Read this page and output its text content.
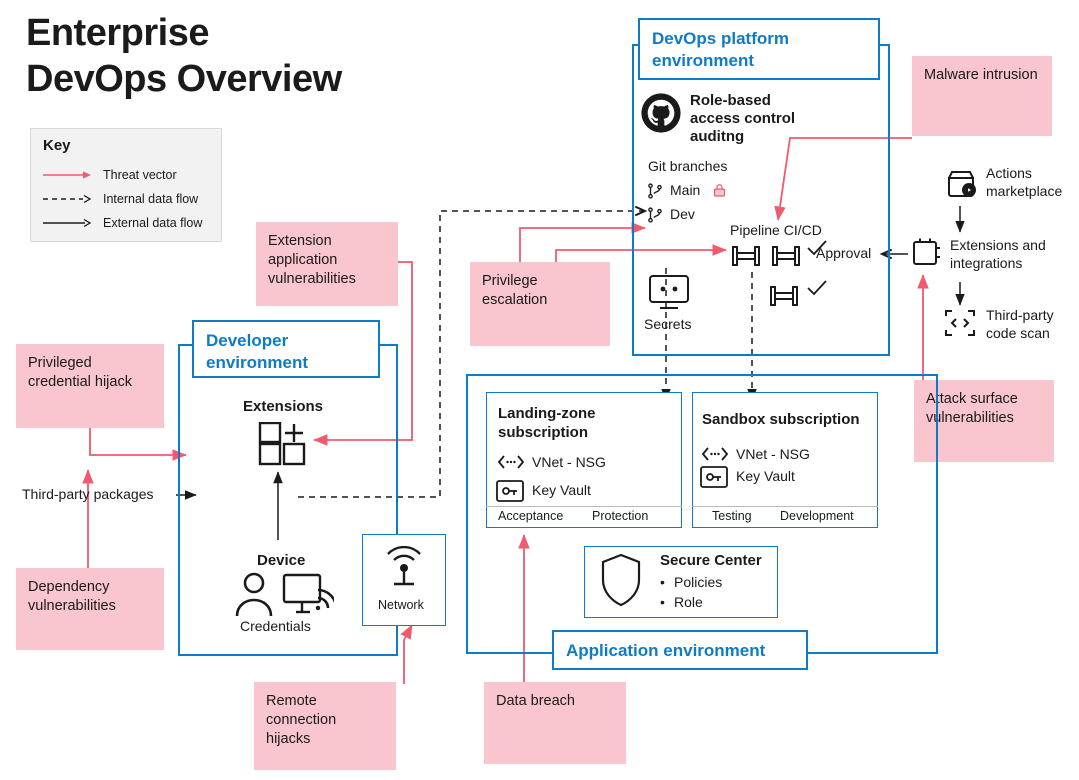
Enterprise
DevOps Overview
Key
Threat vector
Internal data flow
External data flow
Malware intrusion
Extension application vulnerabilities
Privileged credential hijack
Privilege escalation
Attack surface vulnerabilities
Dependency vulnerabilities
Remote connection hijacks
Data breach
DevOps platform environment
Role-based access control auditng
Git branches
Main
Dev
Pipeline CI/CD
Approval
Secrets
Actions marketplace
Extensions and integrations
Third-party code scan
Developer environment
Extensions
Device
Credentials
Third-party packages
Network
Application environment
Landing-zone subscription
VNet - NSG
Key Vault
Acceptance Protection
Sandbox subscription
VNet - NSG
Key Vault
Testing Development
Secure Center
• Policies
• Role
